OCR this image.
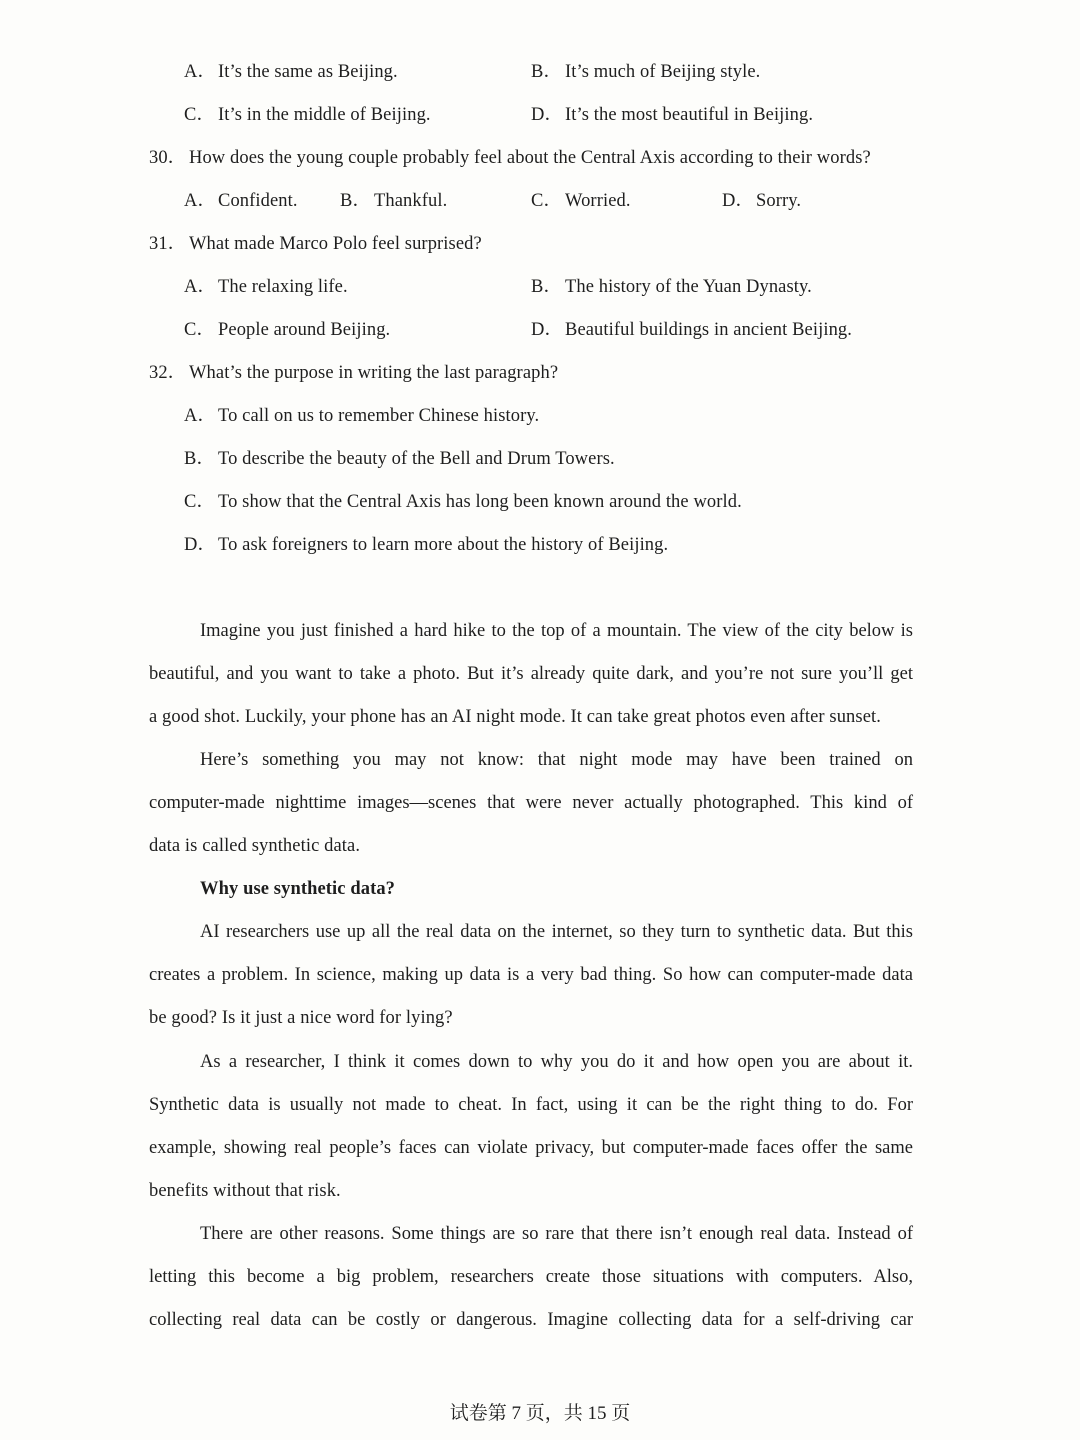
A． It’s the same as Beijing.	B． It’s much of Beijing style.
C． It’s in the middle of Beijing.	D． It’s the most beautiful in Beijing.
30． How does the young couple probably feel about the Central Axis according to their words?
A． Confident. B． Thankful.	C． Worried.	D． Sorry.
31． What made Marco Polo feel surprised?
A． The relaxing life.	B． The history of the Yuan Dynasty.
C． People around Beijing.	D． Beautiful buildings in ancient Beijing.
32． What’s the purpose in writing the last paragraph?
A． To call on us to remember Chinese history.
B． To describe the beauty of the Bell and Drum Towers.
C． To show that the Central Axis has long been known around the world.
D． To ask foreigners to learn more about the history of Beijing.
Imagine you just finished a hard hike to the top of a mountain. The view of the city below is
beautiful, and you want to take a photo. But it’s already quite dark, and you’re not sure you’ll get
a good shot. Luckily, your phone has an AI night mode. It can take great photos even after sunset.
Here’s something you may not know: that night mode may have been trained on
computer-made nighttime images—scenes that were never actually photographed. This kind of
data is called synthetic data.
Why use synthetic data?
AI researchers use up all the real data on the internet, so they turn to synthetic data. But this
creates a problem. In science, making up data is a very bad thing. So how can computer-made data
be good? Is it just a nice word for lying?
As a researcher, I think it comes down to why you do it and how open you are about it.
Synthetic data is usually not made to cheat. In fact, using it can be the right thing to do. For
example, showing real people’s faces can violate privacy, but computer-made faces offer the same
benefits without that risk.
There are other reasons. Some things are so rare that there isn’t enough real data. Instead of
letting this become a big problem, researchers create those situations with computers. Also,
collecting real data can be costly or dangerous. Imagine collecting data for a self-driving car
试卷第 7 页，共 15 页
